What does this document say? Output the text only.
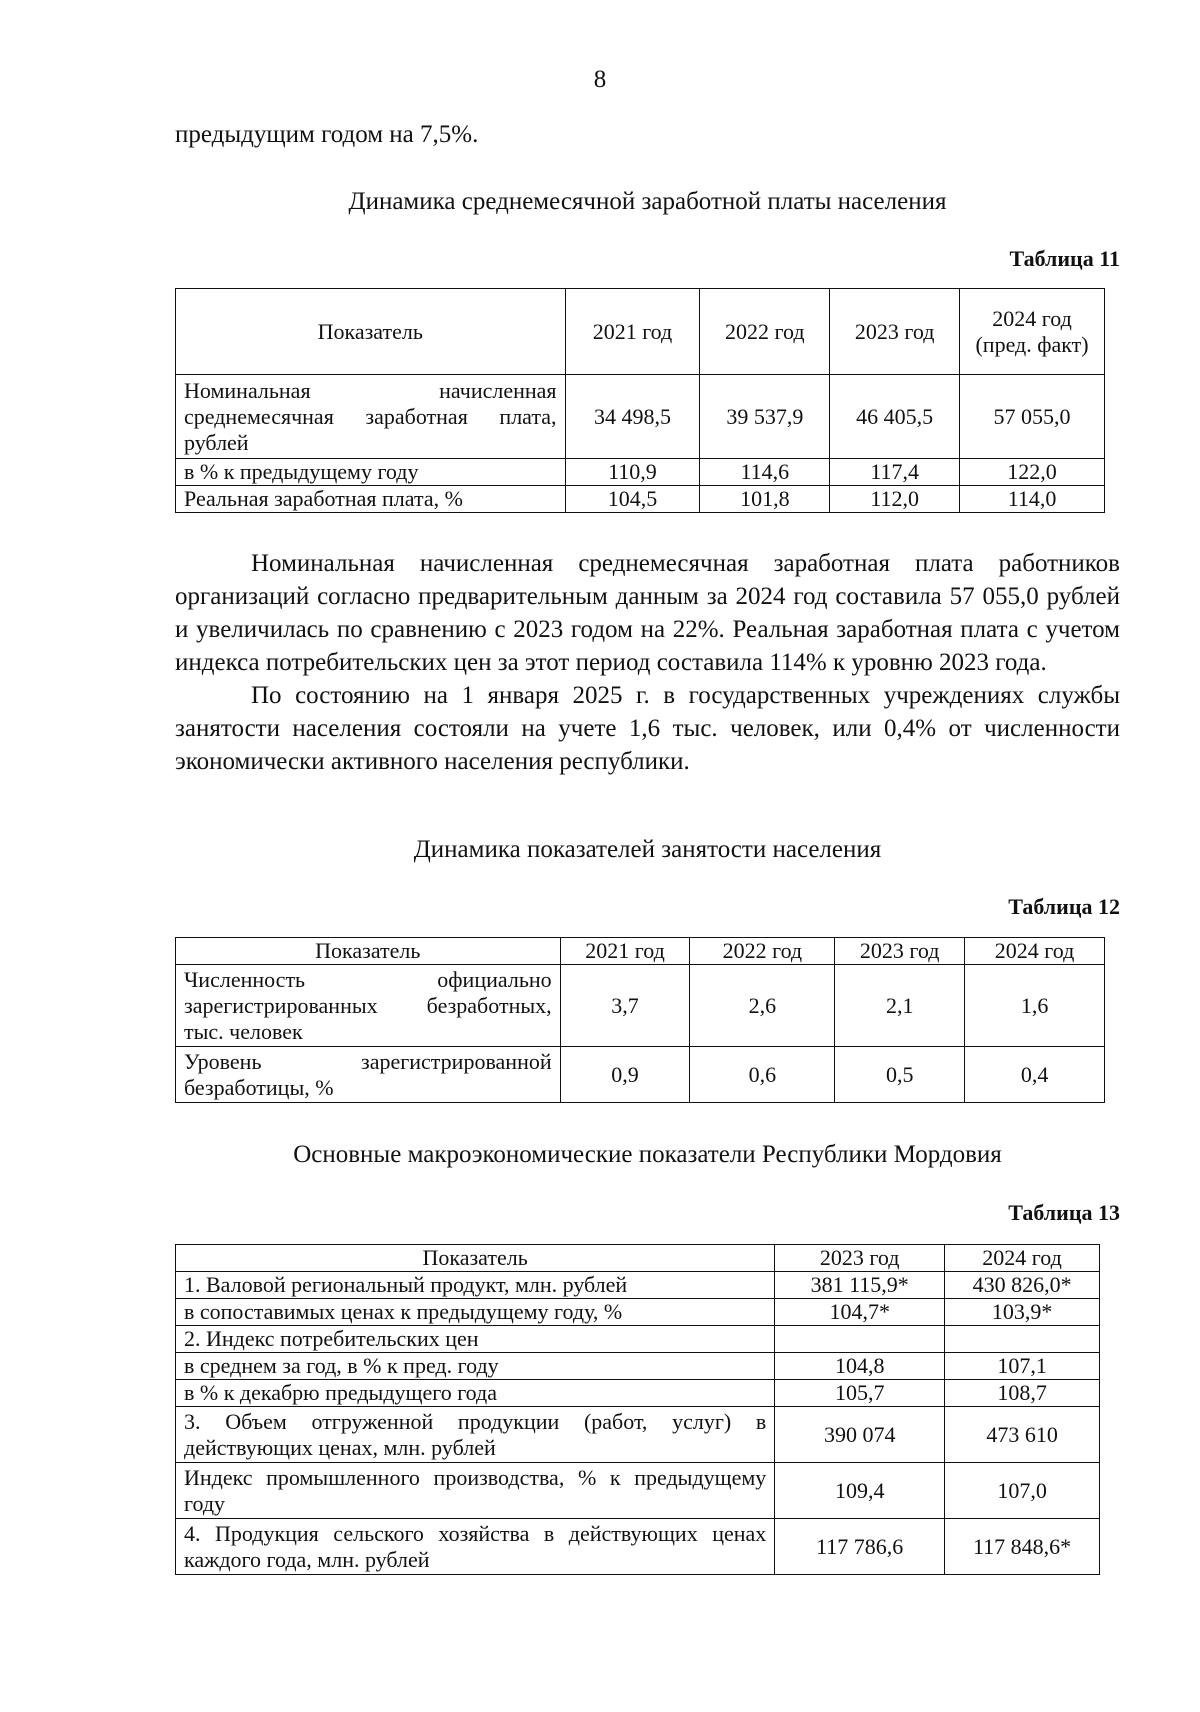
8
предыдущим годом на 7,5%.
Динамика среднемесячной заработной платы населения
Таблица 11
Показатель	2021 год	2022 год	2023 год	2024 год (пред. факт)
Номинальная начисленная среднемесячная заработная плата, рублей	34 498,5	39 537,9	46 405,5	57 055,0
в % к предыдущему году	110,9	114,6	117,4	122,0
Реальная заработная плата, %	104,5	101,8	112,0	114,0

Номинальная начисленная среднемесячная заработная плата работников организаций согласно предварительным данным за 2024 год составила 57 055,0 рублей и увеличилась по сравнению с 2023 годом на 22%. Реальная заработная плата с учетом индекса потребительских цен за этот период составила 114% к уровню 2023 года.

По состоянию на 1 января 2025 г. в государственных учреждениях службы занятости населения состояли на учете 1,6 тыс. человек, или 0,4% от численности экономически активного населения республики.

Динамика показателей занятости населения
Таблица 12
Показатель	2021 год	2022 год	2023 год	2024 год
Численность официально зарегистрированных безработных, тыс. человек	3,7	2,6	2,1	1,6
Уровень зарегистрированной безработицы, %	0,9	0,6	0,5	0,4
Основные макроэкономические показатели Республики Мордовия
Таблица 13
Показатель	2023 год	2024 год
1. Валовой региональный продукт, млн. рублей	381 115,9*	430 826,0*
в сопоставимых ценах к предыдущему году, %	104,7*	103,9*
2. Индекс потребительских цен		
в среднем за год, в % к пред. году	104,8	107,1
в % к декабрю предыдущего года	105,7	108,7
3. Объем отгруженной продукции (работ, услуг) в действующих ценах, млн. рублей	390 074	473 610
Индекс промышленного производства, % к предыдущему году	109,4	107,0
4. Продукция сельского хозяйства в действующих ценах каждого года, млн. рублей	117 786,6	117 848,6*
